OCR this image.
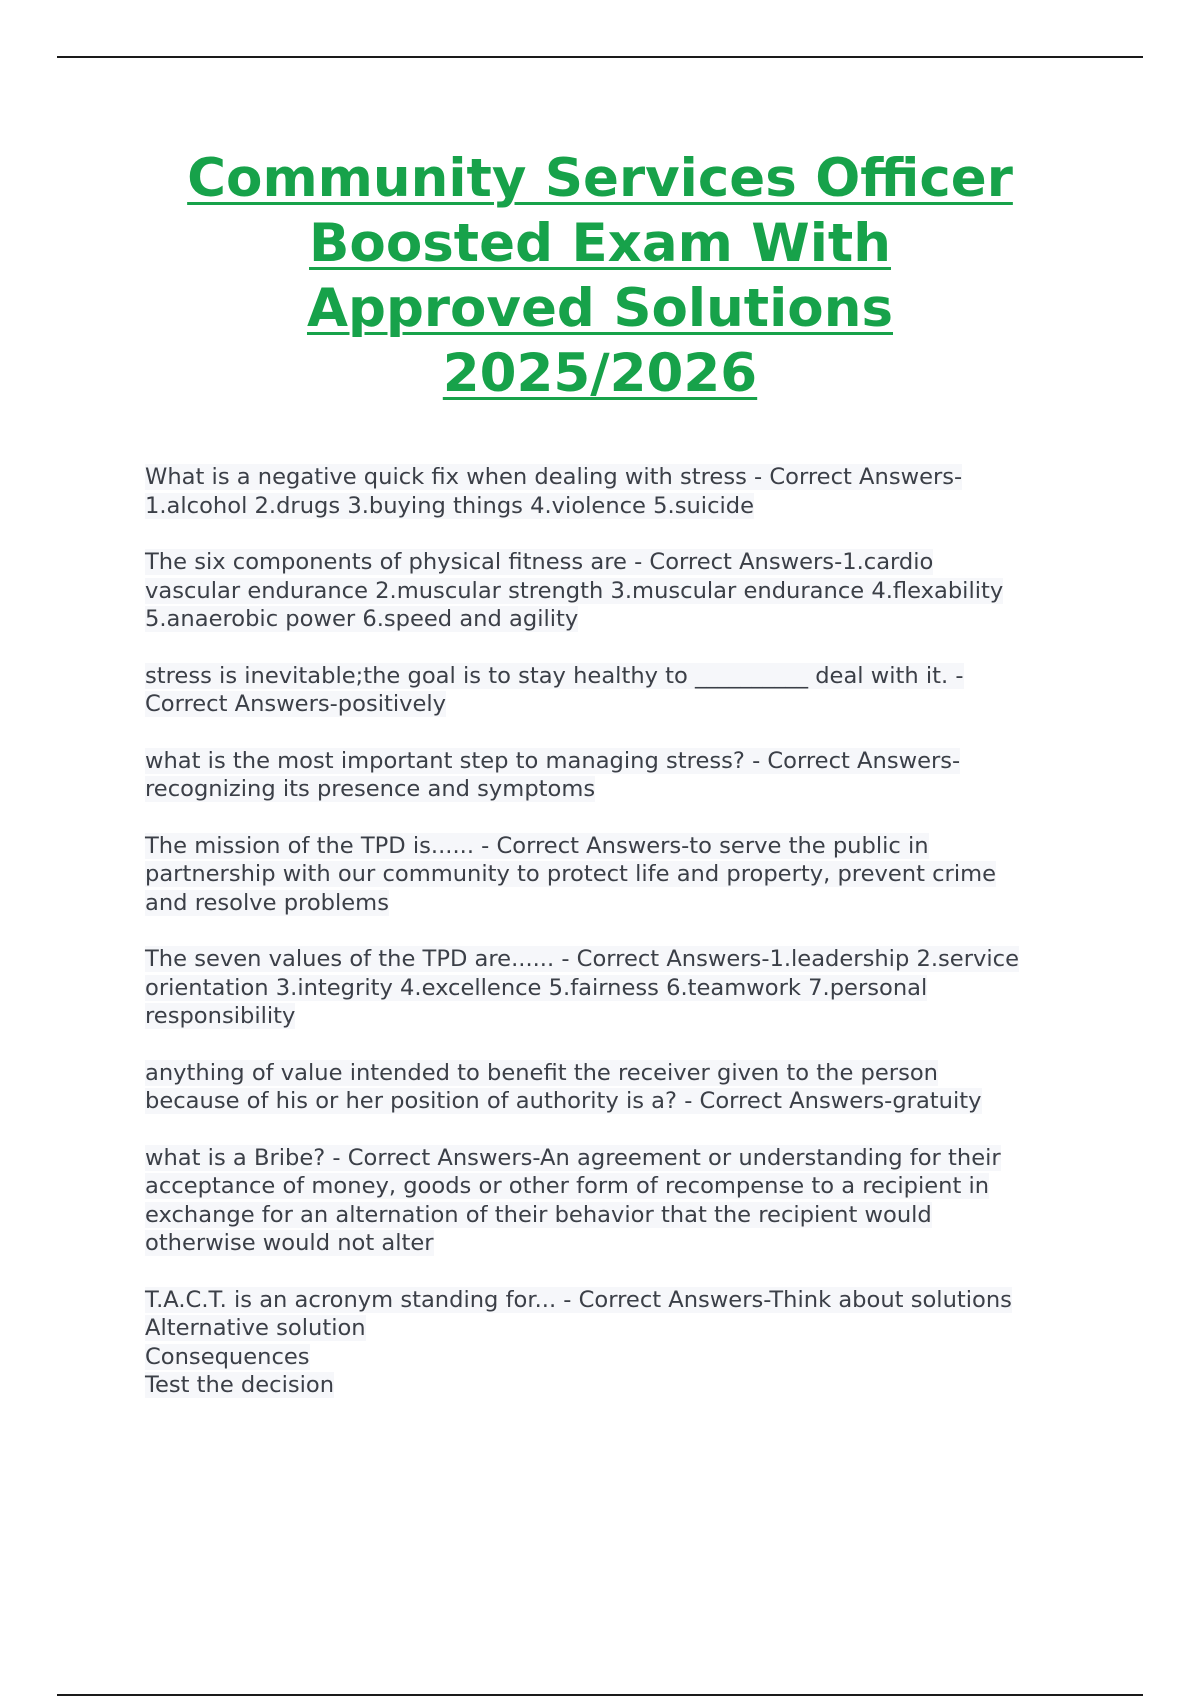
Community Services Officer
Boosted Exam With
Approved Solutions
2025/2026
What is a negative quick fix when dealing with stress - Correct Answers-
1.alcohol 2.drugs 3.buying things 4.violence 5.suicide
The six components of physical fitness are - Correct Answers-1.cardio
vascular endurance 2.muscular strength 3.muscular endurance 4.flexability
5.anaerobic power 6.speed and agility
stress is inevitable;the goal is to stay healthy to __________ deal with it. -
Correct Answers-positively
what is the most important step to managing stress? - Correct Answers-
recognizing its presence and symptoms
The mission of the TPD is...... - Correct Answers-to serve the public in
partnership with our community to protect life and property, prevent crime
and resolve problems
The seven values of the TPD are...... - Correct Answers-1.leadership 2.service
orientation 3.integrity 4.excellence 5.fairness 6.teamwork 7.personal
responsibility
anything of value intended to benefit the receiver given to the person
because of his or her position of authority is a? - Correct Answers-gratuity
what is a Bribe? - Correct Answers-An agreement or understanding for their
acceptance of money, goods or other form of recompense to a recipient in
exchange for an alternation of their behavior that the recipient would
otherwise would not alter
T.A.C.T. is an acronym standing for... - Correct Answers-Think about solutions
Alternative solution
Consequences
Test the decision
